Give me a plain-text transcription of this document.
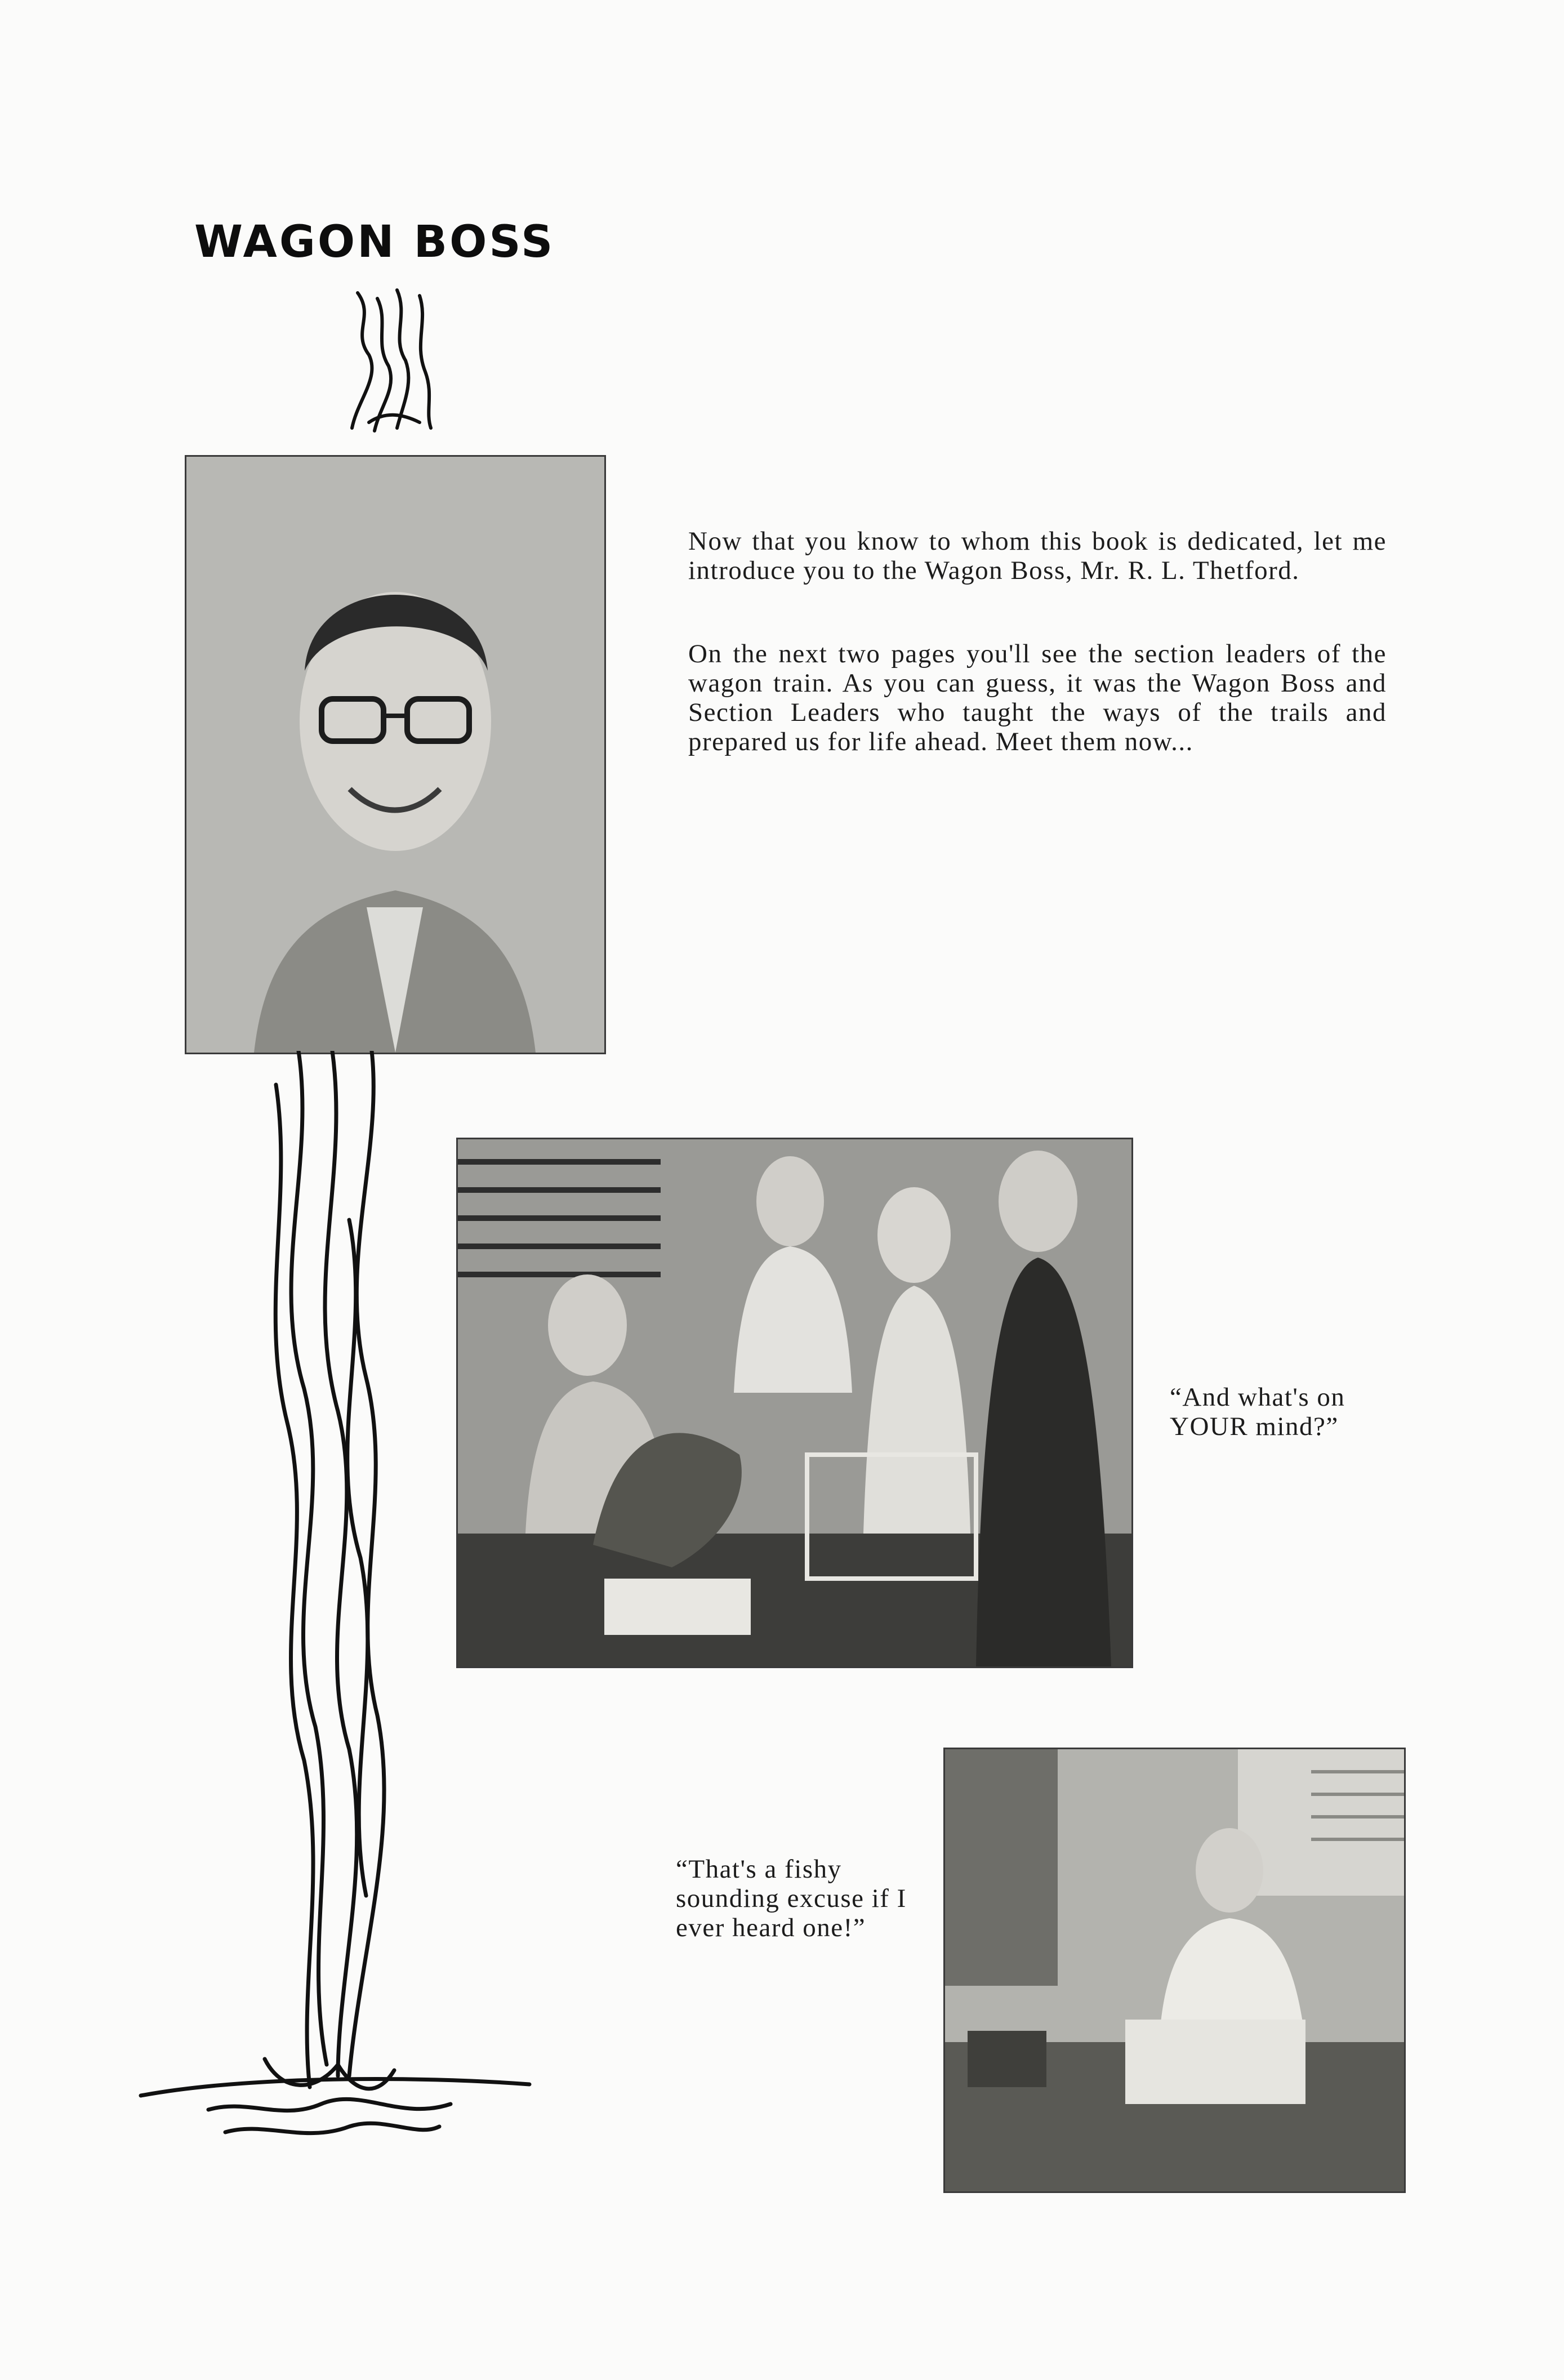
WAGON BOSS

Now that you know to whom this book is dedicated, let me introduce you to the Wagon Boss, Mr. R. L. Thetford.

On the next two pages you'll see the section leaders of the wagon train. As you can guess, it was the Wagon Boss and Section Leaders who taught the ways of the trails and prepared us for life ahead. Meet them now...

“And what's on YOUR mind?”

“That's a fishy sounding excuse if I ever heard one!”
